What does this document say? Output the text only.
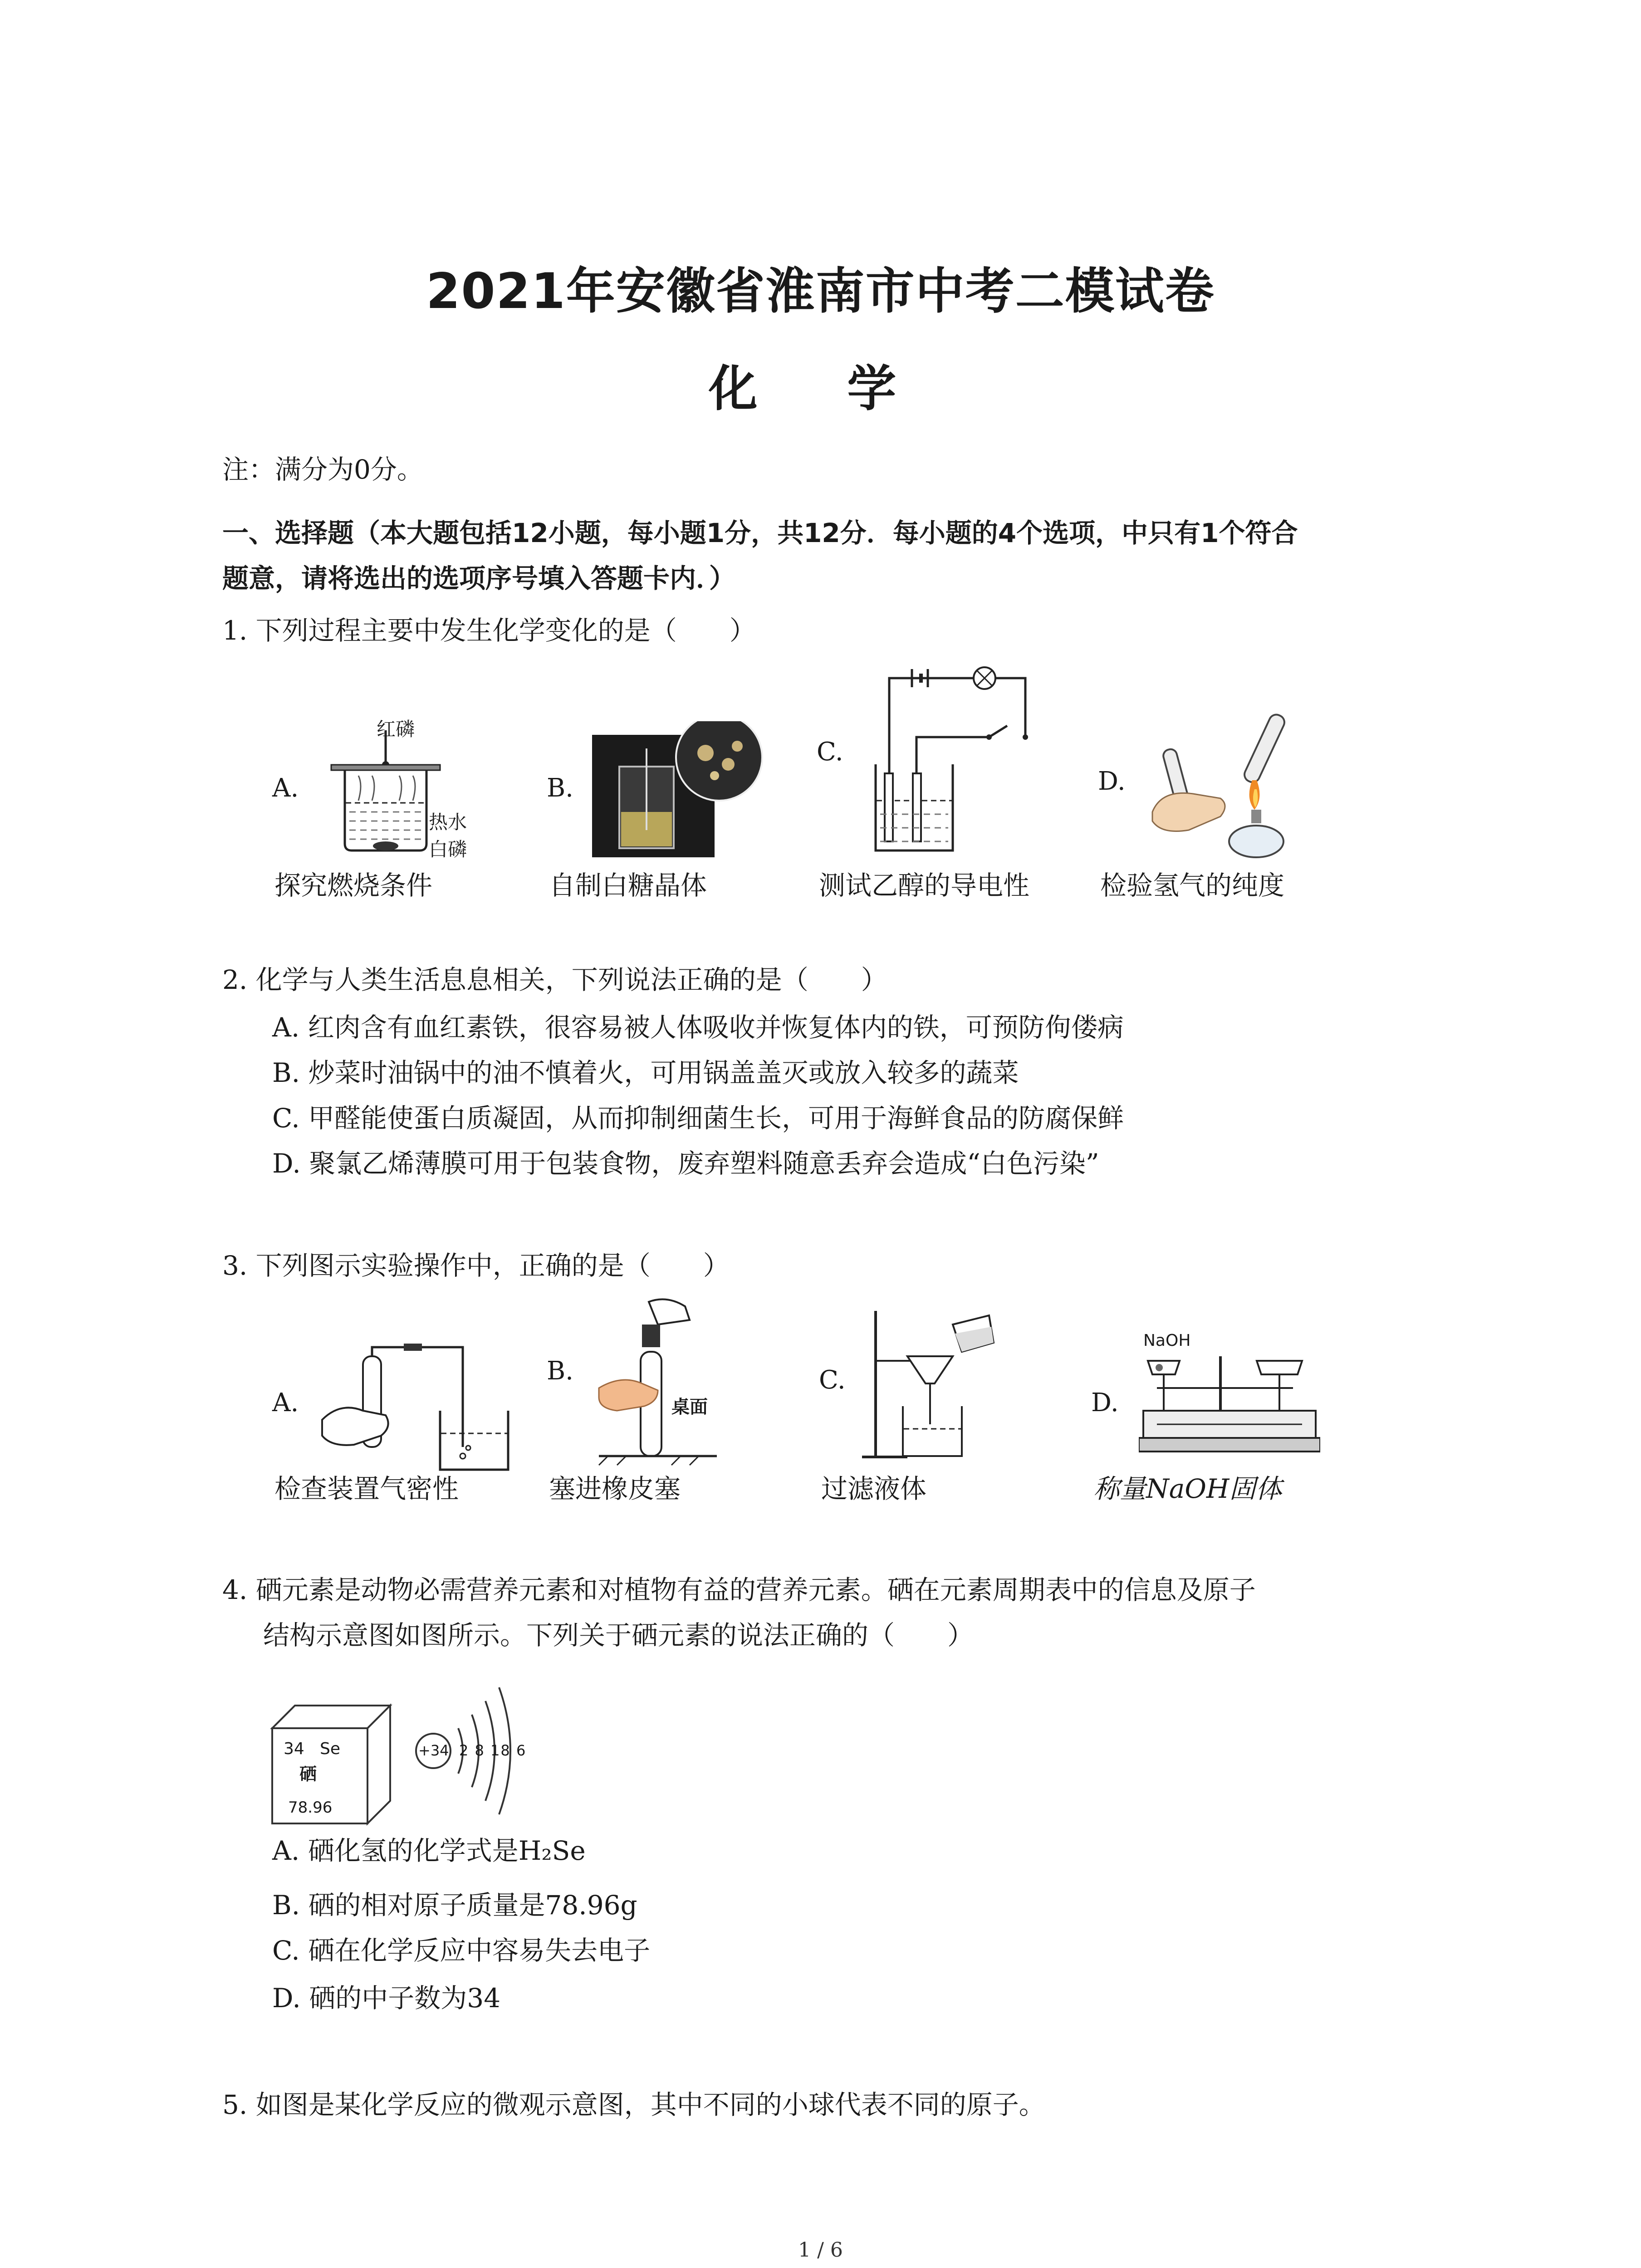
2021年安徽省淮南市中考二模试卷
化 学
注：满分为0分。
一、选择题（本大题包括12小题，每小题1分，共12分．每小题的4个选项，中只有1个符合
题意，请将选出的选项序号填入答题卡内．）
1. 下列过程主要中发生化学变化的是（　　）
A.
红磷
热水
白磷
探究燃烧条件
B.
自制白糖晶体
C.
测试乙醇的导电性
D.
检验氢气的纯度
2. 化学与人类生活息息相关，下列说法正确的是（　　）
A. 红肉含有血红素铁，很容易被人体吸收并恢复体内的铁，可预防佝偻病
B. 炒菜时油锅中的油不慎着火，可用锅盖盖灭或放入较多的蔬菜
C. 甲醛能使蛋白质凝固，从而抑制细菌生长，可用于海鲜食品的防腐保鲜
D. 聚氯乙烯薄膜可用于包装食物，废弃塑料随意丢弃会造成“白色污染”
3. 下列图示实验操作中，正确的是（　　）
A.
检查装置气密性
B.
桌面
塞进橡皮塞
C.
过滤液体
D.
NaOH
称量NaOH固体
4. 硒元素是动物必需营养元素和对植物有益的营养元素。硒在元素周期表中的信息及原子
结构示意图如图所示。下列关于硒元素的说法正确的（　　）
34 Se
硒
78.96
+34 2 8 18 6
A. 硒化氢的化学式是H₂Se
B. 硒的相对原子质量是78.96g
C. 硒在化学反应中容易失去电子
D. 硒的中子数为34
5. 如图是某化学反应的微观示意图，其中不同的小球代表不同的原子。
1 / 6
